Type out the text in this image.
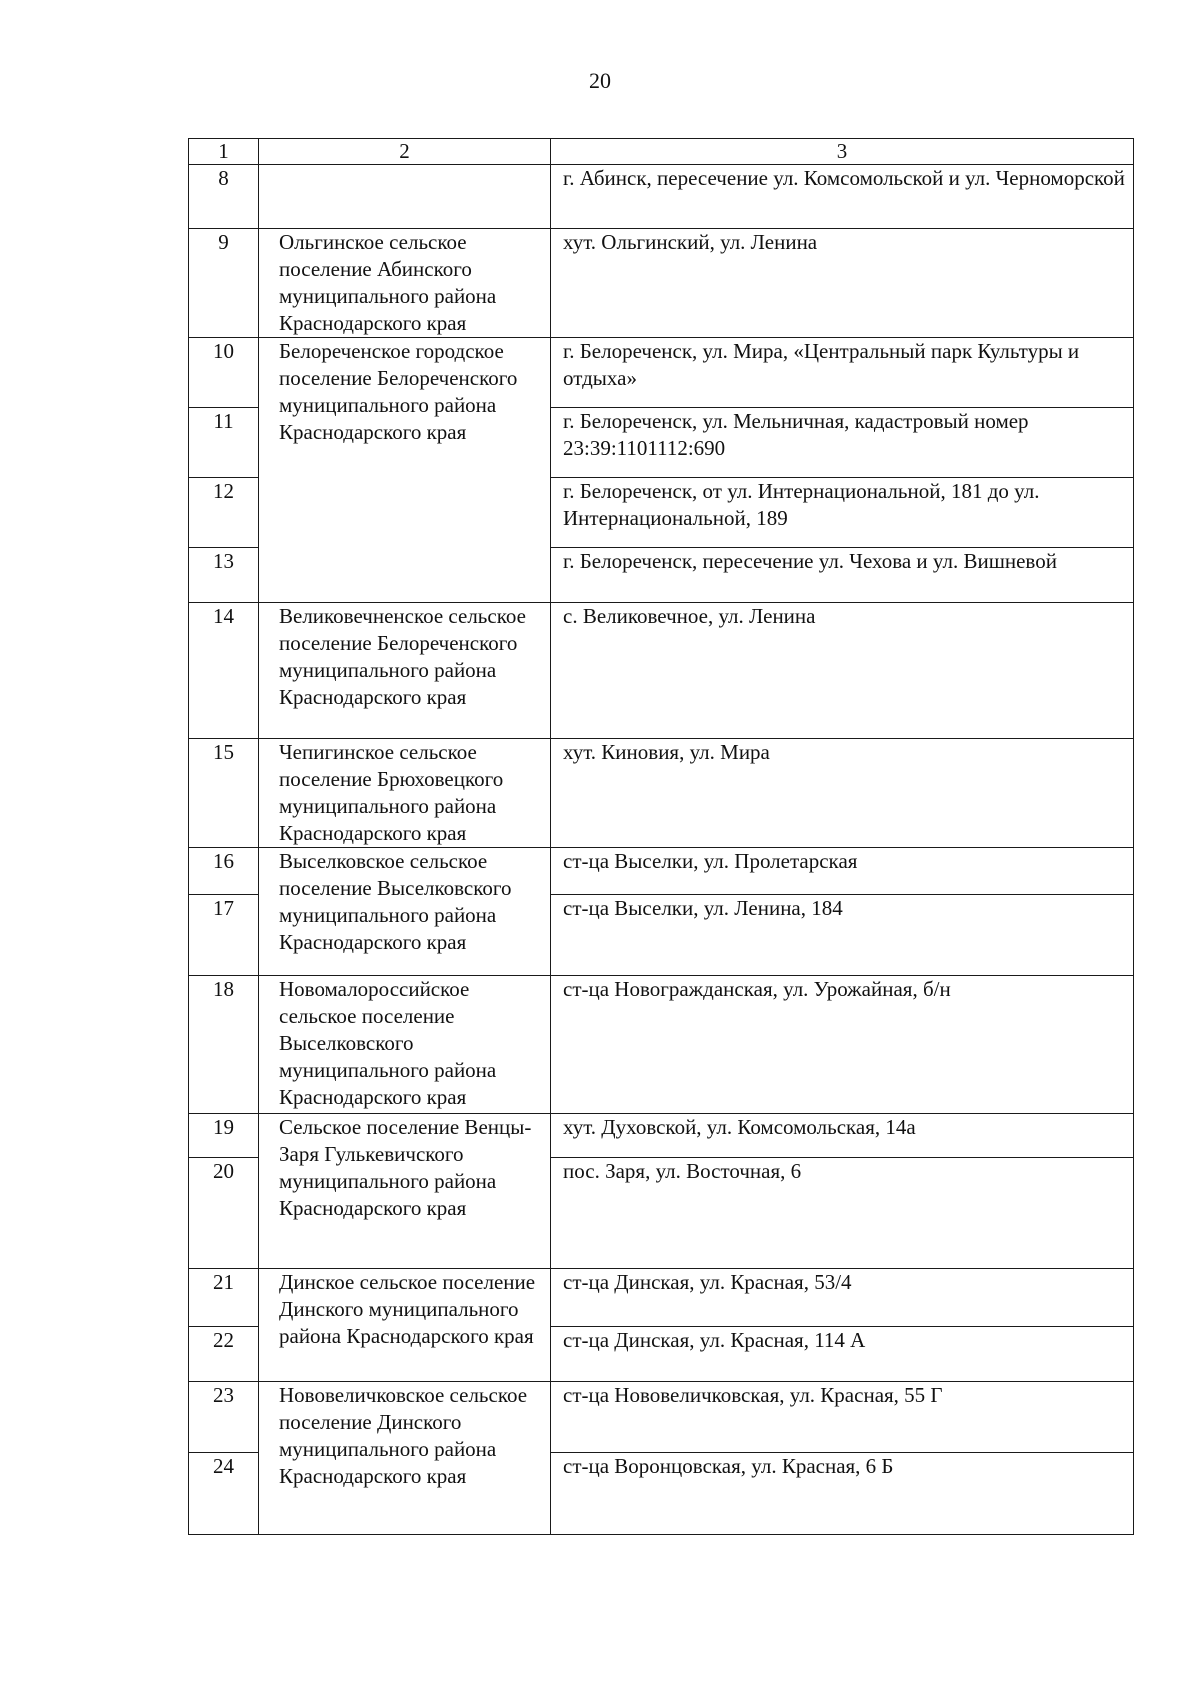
20
1	2	3
8		г. Абинск, пересечение ул. Комсомольской и ул. Черноморской
9	Ольгинское сельское поселение Абинского муниципального района Краснодарского края	хут. Ольгинский, ул. Ленина
10	Белореченское городское поселение Белореченского муниципального района Краснодарского края	г. Белореченск, ул. Мира, «Центральный парк Культуры и отдыха»
11		г. Белореченск, ул. Мельничная, кадастровый номер 23:39:1101112:690
12		г. Белореченск, от ул. Интернациональной, 181 до ул. Интернациональной, 189
13		г. Белореченск, пересечение ул. Чехова и ул. Вишневой
14	Великовечненское сельское поселение Белореченского муниципального района Краснодарского края	с. Великовечное, ул. Ленина
15	Чепигинское сельское поселение Брюховецкого муниципального района Краснодарского края	хут. Киновия, ул. Мира
16	Выселковское сельское поселение Выселковского муниципального района Краснодарского края	ст-ца Выселки, ул. Пролетарская
17		ст-ца Выселки, ул. Ленина, 184
18	Новомалороссийское сельское поселение Выселковского муниципального района Краснодарского края	ст-ца Новогражданская, ул. Урожайная, б/н
19	Сельское поселение Венцы-Заря Гулькевичского муниципального района Краснодарского края	хут. Духовской, ул. Комсомольская, 14а
20		пос. Заря, ул. Восточная, 6
21	Динское сельское поселение Динского муниципального района Краснодарского края	ст-ца Динская, ул. Красная, 53/4
22		ст-ца Динская, ул. Красная, 114 А
23	Нововеличковское сельское поселение Динского муниципального района Краснодарского края	ст-ца Нововеличковская, ул. Красная, 55 Г
24		ст-ца Воронцовская, ул. Красная, 6 Б
